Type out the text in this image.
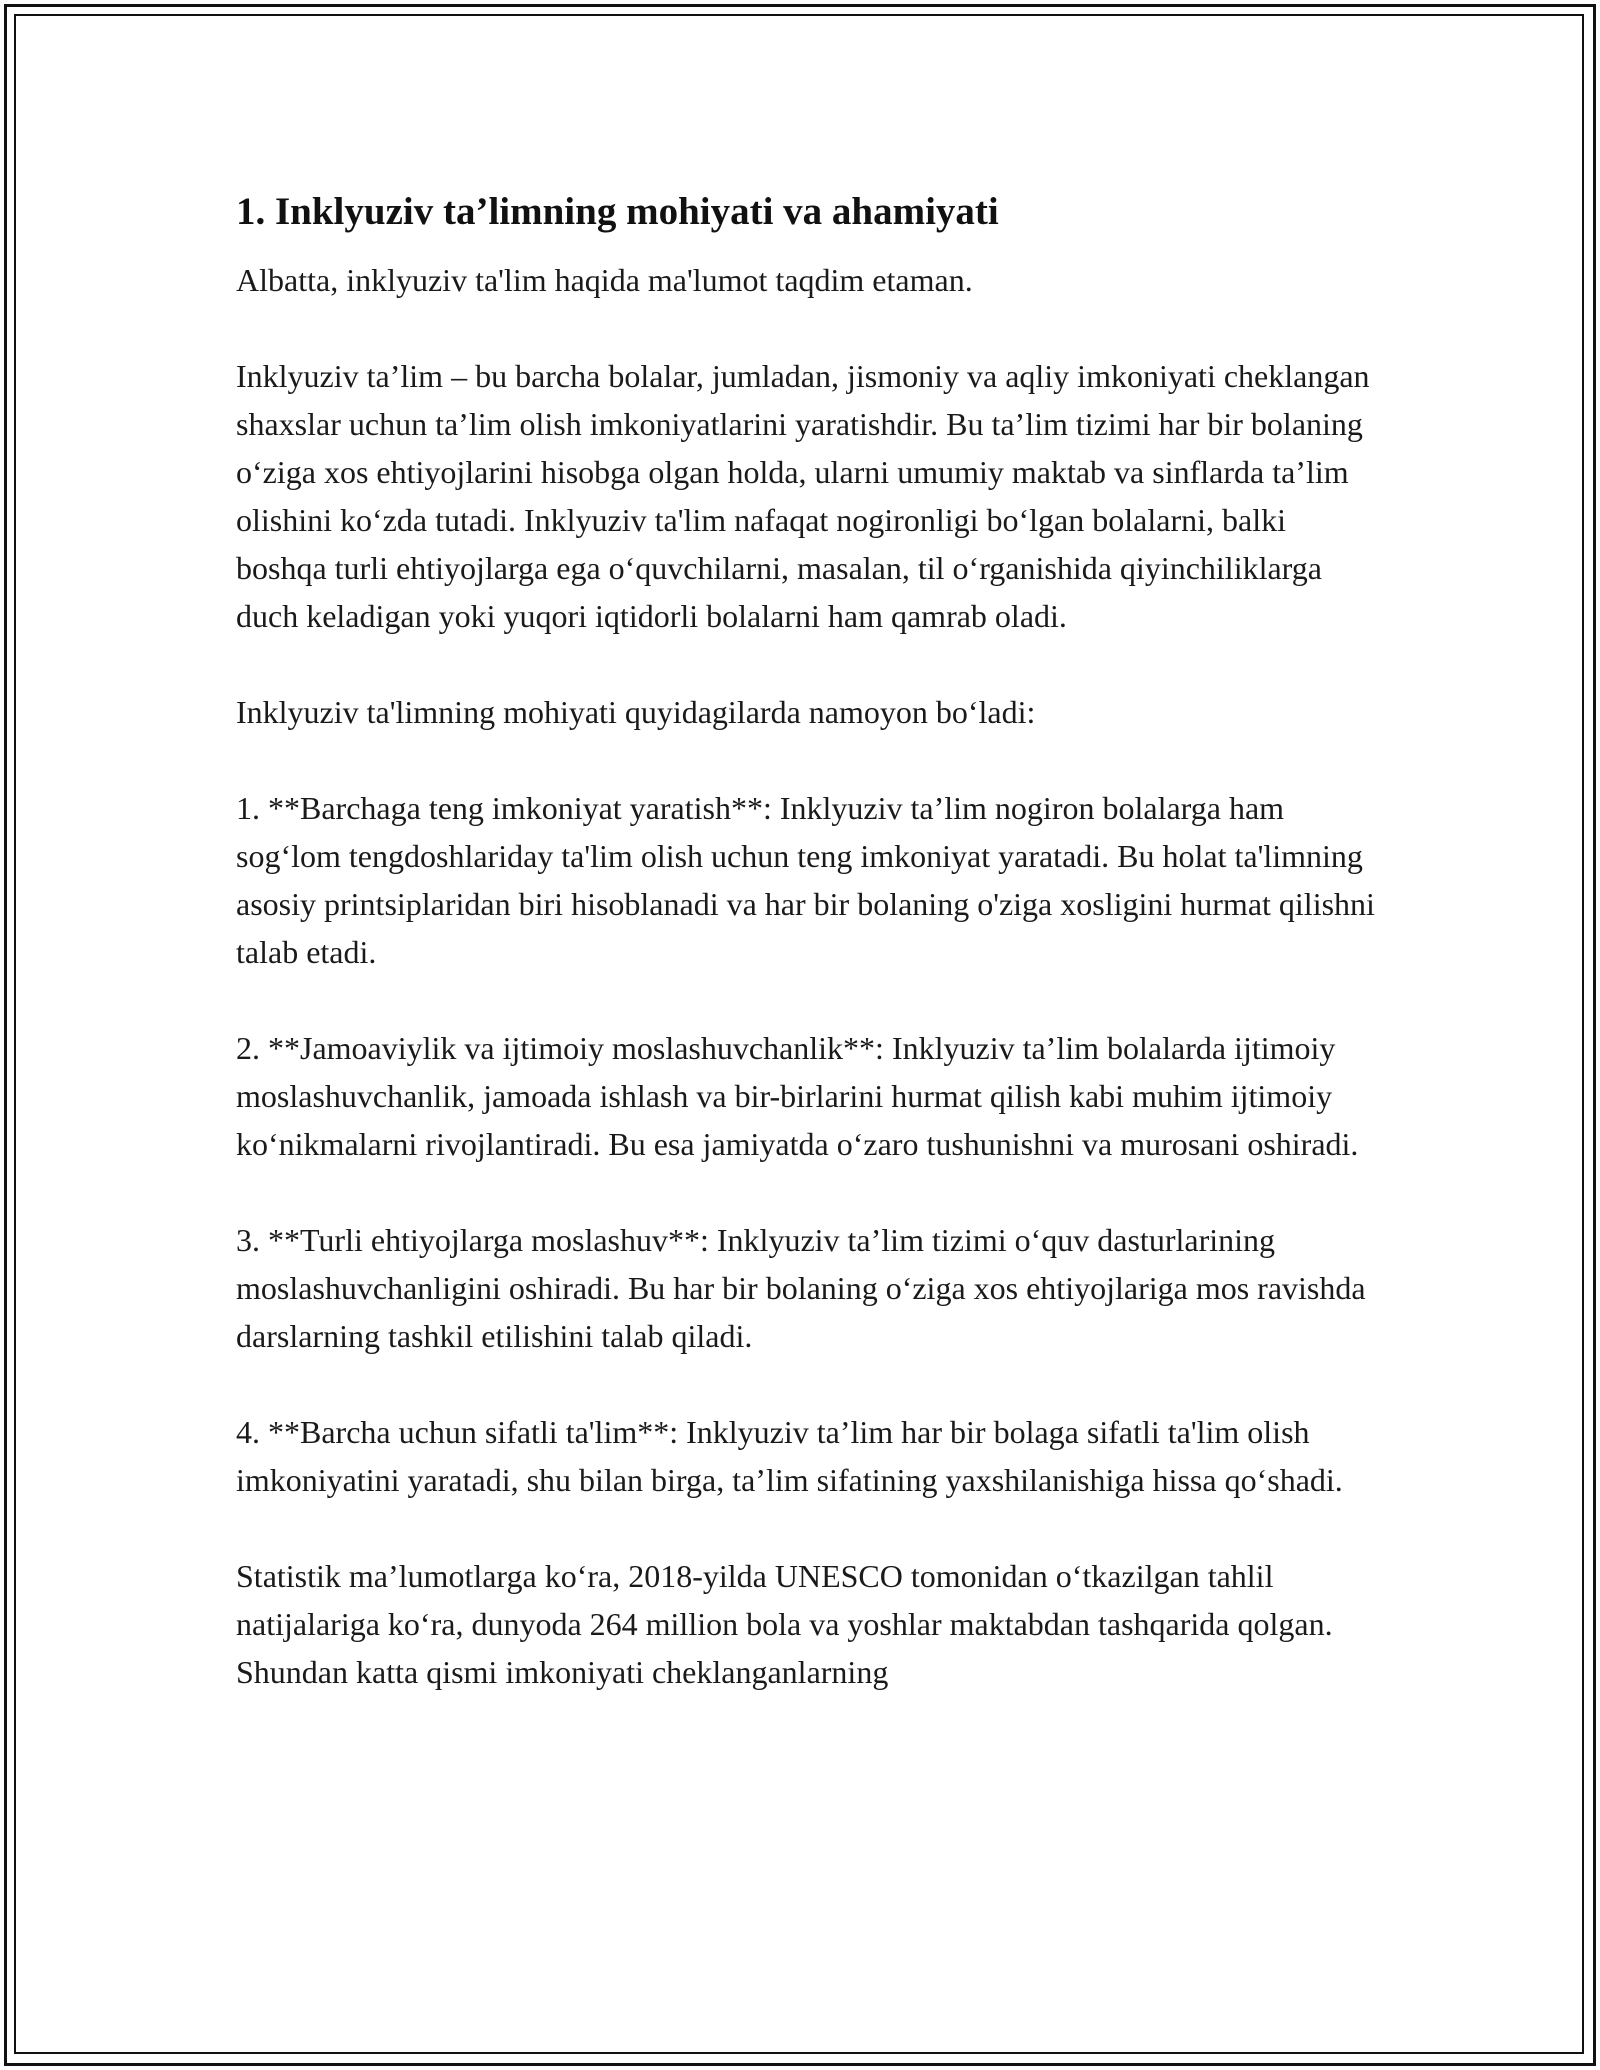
1. Inklyuziv ta’limning mohiyati va ahamiyati

Albatta, inklyuziv ta'lim haqida ma'lumot taqdim etaman.

Inklyuziv ta’lim – bu barcha bolalar, jumladan, jismoniy va aqliy imkoniyati cheklangan shaxslar uchun ta’lim olish imkoniyatlarini yaratishdir. Bu ta’lim tizimi har bir bolaning o‘ziga xos ehtiyojlarini hisobga olgan holda, ularni umumiy maktab va sinflarda ta’lim olishini ko‘zda tutadi. Inklyuziv ta'lim nafaqat nogironligi bo‘lgan bolalarni, balki boshqa turli ehtiyojlarga ega o‘quvchilarni, masalan, til o‘rganishida qiyinchiliklarga duch keladigan yoki yuqori iqtidorli bolalarni ham qamrab oladi.

Inklyuziv ta'limning mohiyati quyidagilarda namoyon bo‘ladi:

1. **Barchaga teng imkoniyat yaratish**: Inklyuziv ta’lim nogiron bolalarga ham sog‘lom tengdoshlariday ta'lim olish uchun teng imkoniyat yaratadi. Bu holat ta'limning asosiy printsiplaridan biri hisoblanadi va har bir bolaning o'ziga xosligini hurmat qilishni talab etadi.

2. **Jamoaviylik va ijtimoiy moslashuvchanlik**: Inklyuziv ta’lim bolalarda ijtimoiy moslashuvchanlik, jamoada ishlash va bir-birlarini hurmat qilish kabi muhim ijtimoiy ko‘nikmalarni rivojlantiradi. Bu esa jamiyatda o‘zaro tushunishni va murosani oshiradi.

3. **Turli ehtiyojlarga moslashuv**: Inklyuziv ta’lim tizimi o‘quv dasturlarining moslashuvchanligini oshiradi. Bu har bir bolaning o‘ziga xos ehtiyojlariga mos ravishda darslarning tashkil etilishini talab qiladi.

4. **Barcha uchun sifatli ta'lim**: Inklyuziv ta’lim har bir bolaga sifatli ta'lim olish imkoniyatini yaratadi, shu bilan birga, ta’lim sifatining yaxshilanishiga hissa qo‘shadi.

Statistik ma’lumotlarga ko‘ra, 2018-yilda UNESCO tomonidan o‘tkazilgan tahlil natijalariga ko‘ra, dunyoda 264 million bola va yoshlar maktabdan tashqarida qolgan. Shundan katta qismi imkoniyati cheklanganlarning
